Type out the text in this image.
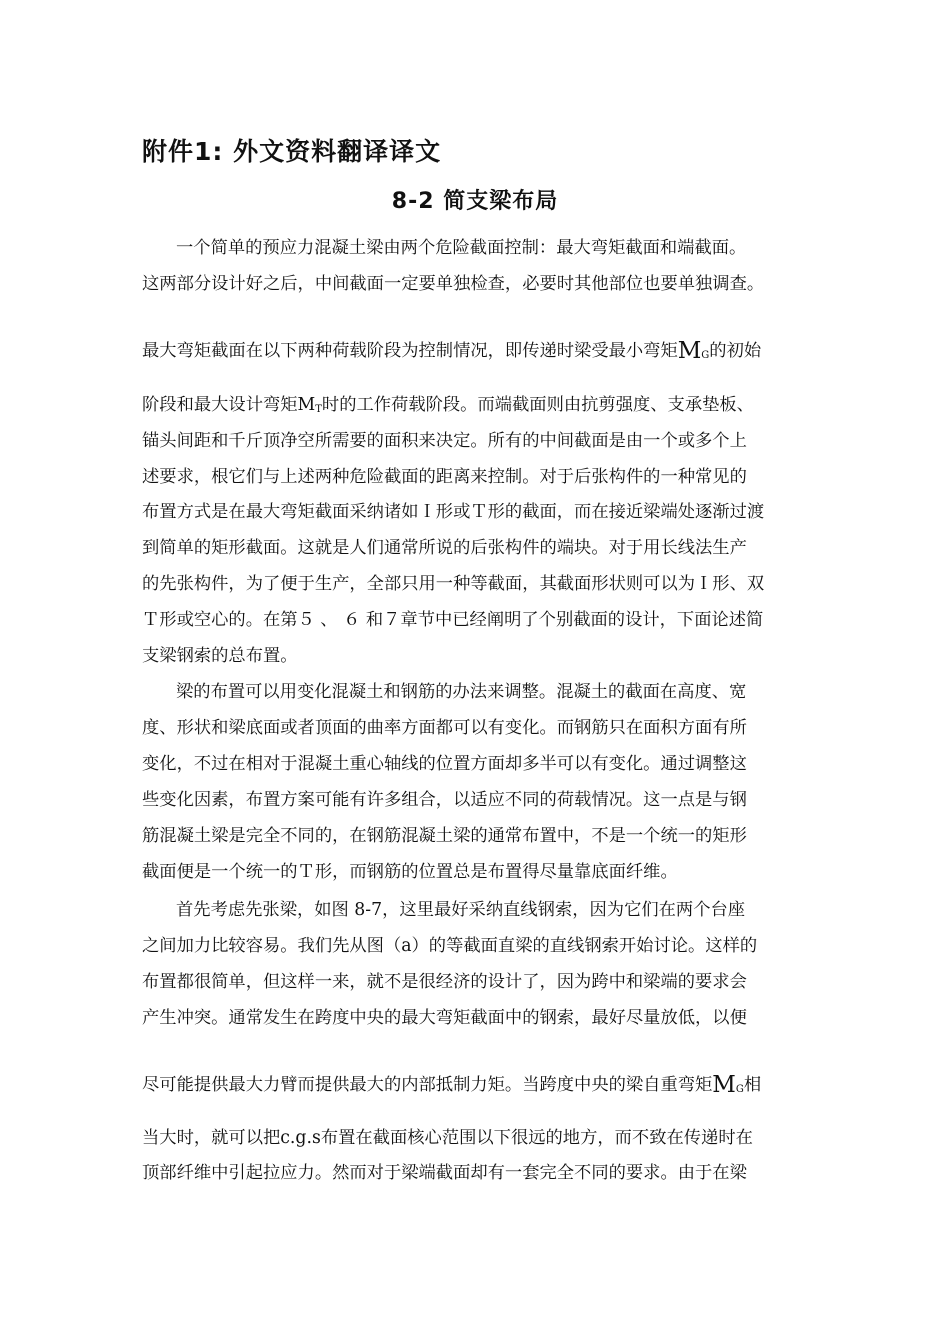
附件1: 外文资料翻译译文
8-2 简支梁布局
一个简单的预应力混凝土梁由两个危险截面控制：最大弯矩截面和端截面。
这两部分设计好之后，中间截面一定要单独检查，必要时其他部位也要单独调查。
最大弯矩截面在以下两种荷载阶段为控制情况，即传递时梁受最小弯矩$M_G$的初始
阶段和最大设计弯矩$M_T$时的工作荷载阶段。而端截面则由抗剪强度、支承垫板、
锚头间距和千斤顶净空所需要的面积来决定。所有的中间截面是由一个或多个上
述要求，根它们与上述两种危险截面的距离来控制。对于后张构件的一种常见的
布置方式是在最大弯矩截面采纳诸如Ｉ形或Ｔ形的截面，而在接近梁端处逐渐过渡
到简单的矩形截面。这就是人们通常所说的后张构件的端块。对于用长线法生产
的先张构件，为了便于生产，全部只用一种等截面，其截面形状则可以为Ｉ形、双
Ｔ形或空心的。在第５ 、 ６ 和７章节中已经阐明了个别截面的设计，下面论述简
支梁钢索的总布置。
梁的布置可以用变化混凝土和钢筋的办法来调整。混凝土的截面在高度、宽
度、形状和梁底面或者顶面的曲率方面都可以有变化。而钢筋只在面积方面有所
变化，不过在相对于混凝土重心轴线的位置方面却多半可以有变化。通过调整这
些变化因素，布置方案可能有许多组合，以适应不同的荷载情况。这一点是与钢
筋混凝土梁是完全不同的，在钢筋混凝土梁的通常布置中，不是一个统一的矩形
截面便是一个统一的Ｔ形，而钢筋的位置总是布置得尽量靠底面纤维。
首先考虑先张梁，如图 8-7，这里最好采纳直线钢索，因为它们在两个台座
之间加力比较容易。我们先从图（a）的等截面直梁的直线钢索开始讨论。这样的
布置都很简单，但这样一来，就不是很经济的设计了，因为跨中和梁端的要求会
产生冲突。通常发生在跨度中央的最大弯矩截面中的钢索，最好尽量放低，以便
尽可能提供最大力臂而提供最大的内部抵制力矩。当跨度中央的梁自重弯矩$M_G$相
当大时，就可以把c.g.s布置在截面核心范围以下很远的地方，而不致在传递时在
顶部纤维中引起拉应力。然而对于梁端截面却有一套完全不同的要求。由于在梁
